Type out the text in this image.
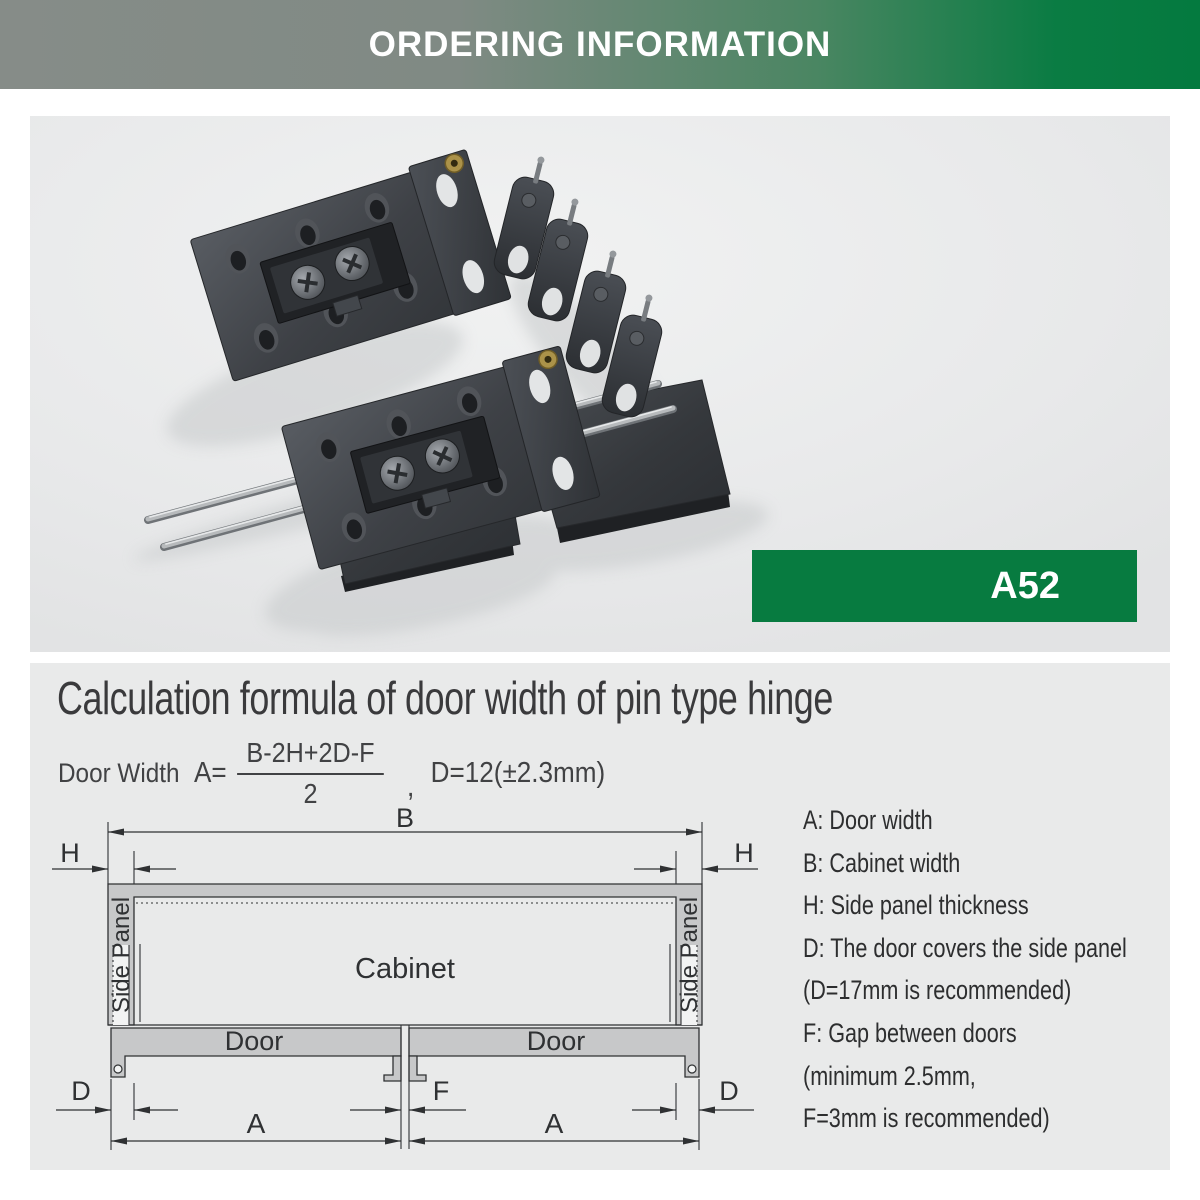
ORDERING INFORMATION
A52
Calculation formula of door width of pin type hinge
Door Width $A= \frac{B-2H+2D-F}{2}$ , D=12(±2.3mm)
B
H	H
D	D
F
A	A
Cabinet
Door	Door
Side Panel	Side Panel
A: Door width
B: Cabinet width
H: Side panel thickness
D: The door covers the side panel
(D=17mm is recommended)
F: Gap between doors
(minimum 2.5mm,
F=3mm is recommended)
